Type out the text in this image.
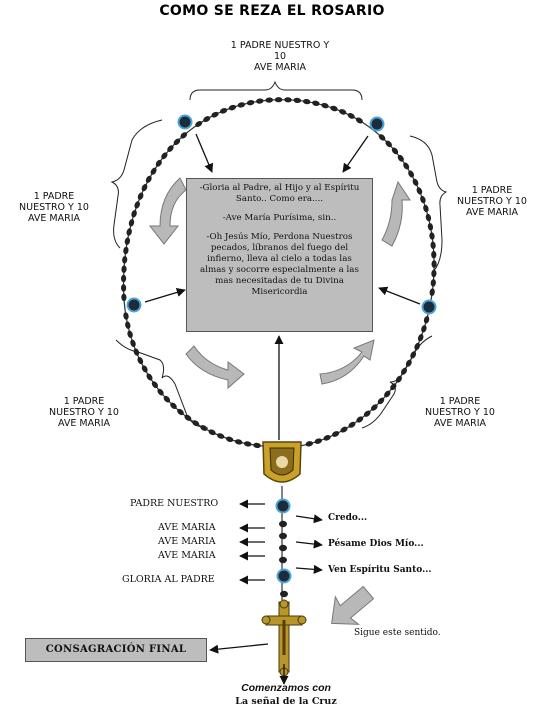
COMO SE REZA EL ROSARIO

1 PADRE NUESTRO Y
10
AVE MARIA

1 PADRE
NUESTRO Y 10
AVE MARIA

1 PADRE
NUESTRO Y 10
AVE MARIA

1 PADRE
NUESTRO Y 10
AVE MARIA

1 PADRE
NUESTRO Y 10
AVE MARIA

-Gloria al Padre, al Hijo y al Espíritu Santo.. Como era....

-Ave María Purísima, sin..

-Oh Jesús Mío, Perdona Nuestros pecados, líbranos del fuego del infierno, lleva al cielo a todas las almas y socorre especialmente a las mas necesitadas de tu Divina Misericordia

PADRE NUESTRO
AVE MARIA
AVE MARIA
AVE MARIA
GLORIA AL PADRE
Credo...
Pésame Dios Mío...
Ven Espíritu Santo...
CONSAGRACIÓN FINAL
Sigue este sentido.
Comenzamos con
La señal de la Cruz
